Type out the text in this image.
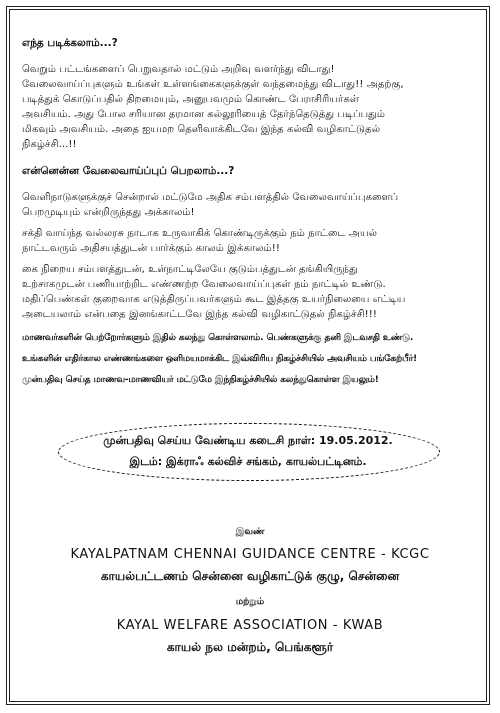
எந்த படிக்கலாம்...?
வெறும் பட்டங்களைப் பெறுவதால் மட்டும் அறிவு வளர்ந்து விடாது!
வேலைவாய்ப்புகளும் உங்கள் உள்ளங்கைகளுக்குள் வந்தமைந்து விடாது!! அதற்கு,
படித்துக் கொடுப்பதில் திறமையும், அனுபவமும் கொண்ட பேராசிரியர்கள்
அவசியம். அது போல சரியான தரமான கல்லூரியைத் தேர்ந்தெடுத்து படிப்பதும்
மிகவும் அவசியம். அதை ஐயமற தெளிவாக்கிடவே இந்த கல்வி வழிகாட்டுதல்
நிகழ்ச்சி...!!
என்னென்ன வேலைவாய்ப்புப் பெறலாம்...?
வெளிநாடுகளுக்குச் சென்றால் மட்டுமே அதிக சம்பளத்தில் வேலைவாய்ப்புகளைப்
பெறமுடியும் என்றிருந்தது அக்காலம்!
சக்தி வாய்ந்த வல்லரசு நாடாக உருவாகிக் கொண்டிருக்கும் நம் நாட்டை அயல்
நாட்டவரும் அதிசயத்துடன் பார்க்கும் காலம் இக்காலம்!!
கை நிறைய சம்பளத்துடன், உள்நாட்டிலேயே குடும்பத்துடன் தங்கியிருந்து
உற்சாகமுடன் பணியாற்றிட எண்ணற்ற வேலைவாய்ப்புகள் நம் நாட்டில் உண்டு.
மதிப்பெண்கள் குறைவாக எடுத்திருப்பவர்களும் கூட இத்தகு உயர்நிலையை எட்டிய
அடையலாம் என்பதை இனங்காட்டவே இந்த கல்வி வழிகாட்டுதல் நிகழ்ச்சி!!!
மாணவர்களின் பெற்றோர்களும் இதில் கலந்து கொள்ளலாம். பெண்களுக்கு தனி இடவசதி உண்டு.
உங்களின் எதிர்கால எண்ணங்களை ஒளிமயமாக்கிட இவ்விரிய நிகழ்ச்சியில் அவசியம் பங்கேற்பீர்!
முன்பதிவு செய்த மாணவ-மாணவியர் மட்டுமே இந்நிகழ்ச்சியில் கலந்துகொள்ள இயலும்!
முன்பதிவு செய்ய வேண்டிய கடைசி நாள்: 19.05.2012.
இடம்: இக்ராஃ கல்விச் சங்கம், காயல்பட்டினம்.
இவண்
KAYALPATNAM CHENNAI GUIDANCE CENTRE - KCGC
காயல்பட்டணம் சென்னை வழிகாட்டுக் குழு, சென்னை
மற்றும்
KAYAL WELFARE ASSOCIATION - KWAB
காயல் நல மன்றம், பெங்களூர்
